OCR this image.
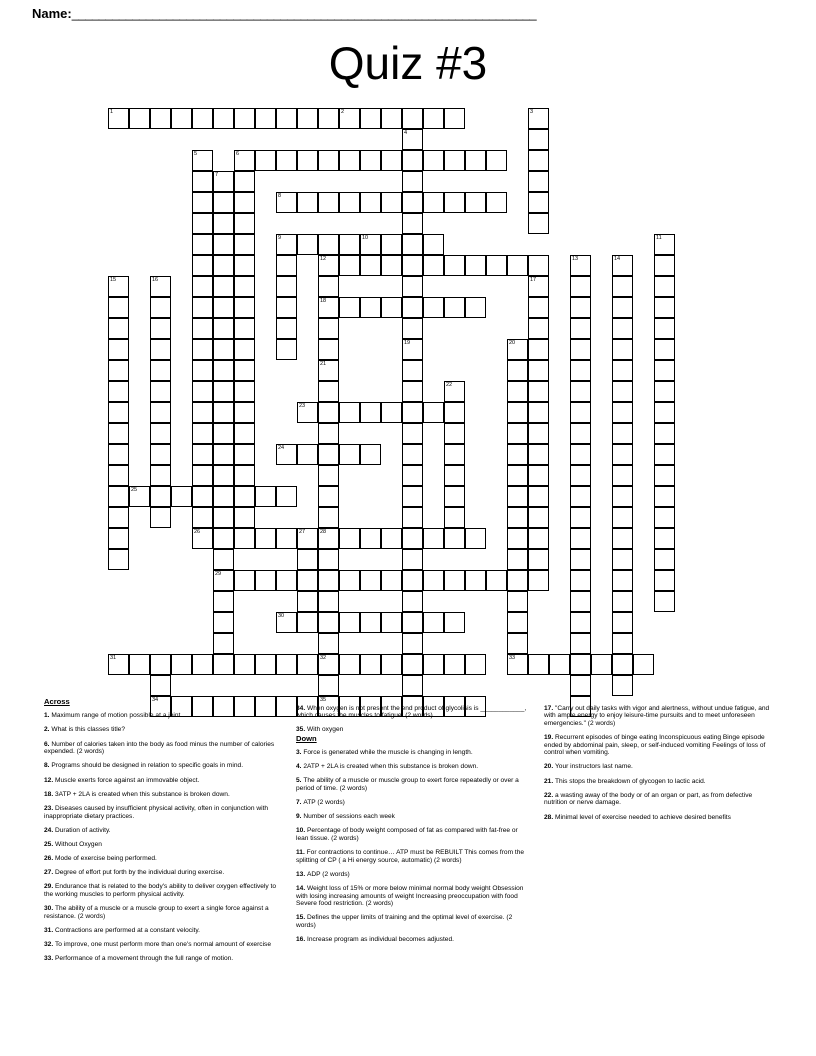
Name:_____________________________________________________________________
Quiz #3
1	2	3
4
5	6
7
8
9	10	11
12	13	14
15	16	17
18
19	20
21
22
23
24
25
26	27	28
29
30
31	32	33
34	35
Across

1. Maximum range of motion possible at a joint.

2. What is this classes title?

6. Number of calories taken into the body as food minus the number of calories expended. (2 words)

8. Programs should be designed in relation to specific goals in mind.

12. Muscle exerts force against an immovable object.

18. 3ATP + 2LA is created when this substance is broken down.

23. Diseases caused by insufficient physical activity, often in conjunction with inappropriate dietary practices.

24. Duration of activity.

25. Without Oxygen

26. Mode of exercise being performed.

27. Degree of effort put forth by the individual during exercise.

29. Endurance that is related to the body's ability to deliver oxygen effectively to the working muscles to perform physical activity.

30. The ability of a muscle or a muscle group to exert a single force against a resistance. (2 words)

31. Contractions are performed at a constant velocity.

32. To improve, one must perform more than one's normal amount of exercise

33. Performance of a movement through the full range of motion.

34. When oxygen is not present the end product of glycolisis is ____________, which causes the muscles to fatigue. (2 words)

35. With oxygen

Down

3. Force is generated while the muscle is changing in length.

4. 2ATP + 2LA is created when this substance is broken down.

5. The ability of a muscle or muscle group to exert force repeatedly or over a period of time. (2 words)

7. ATP (2 words)

9. Number of sessions each week

10. Percentage of body weight composed of fat as compared with fat-free or lean tissue. (2 words)

11. For contractions to continue… ATP must be REBUILT This comes from the splitting of CP ( a Hi energy source, automatic) (2 words)

13. ADP (2 words)

14. Weight loss of 15% or more below minimal normal body weight Obsession with losing increasing amounts of weight Increasing preoccupation with food Severe food restriction. (2 words)

15. Defines the upper limits of training and the optimal level of exercise. (2 words)

16. Increase program as individual becomes adjusted.

17. "Carry out daily tasks with vigor and alertness, without undue fatigue, and with ample energy to enjoy leisure-time pursuits and to meet unforeseen emergencies." (2 words)

19. Recurrent episodes of binge eating Inconspicuous eating Binge episode ended by abdominal pain, sleep, or self-induced vomiting Feelings of loss of control when vomiting.

20. Your instructors last name.

21. This stops the breakdown of glycogen to lactic acid.

22. a wasting away of the body or of an organ or part, as from defective nutrition or nerve damage.

28. Minimal level of exercise needed to achieve desired benefits
